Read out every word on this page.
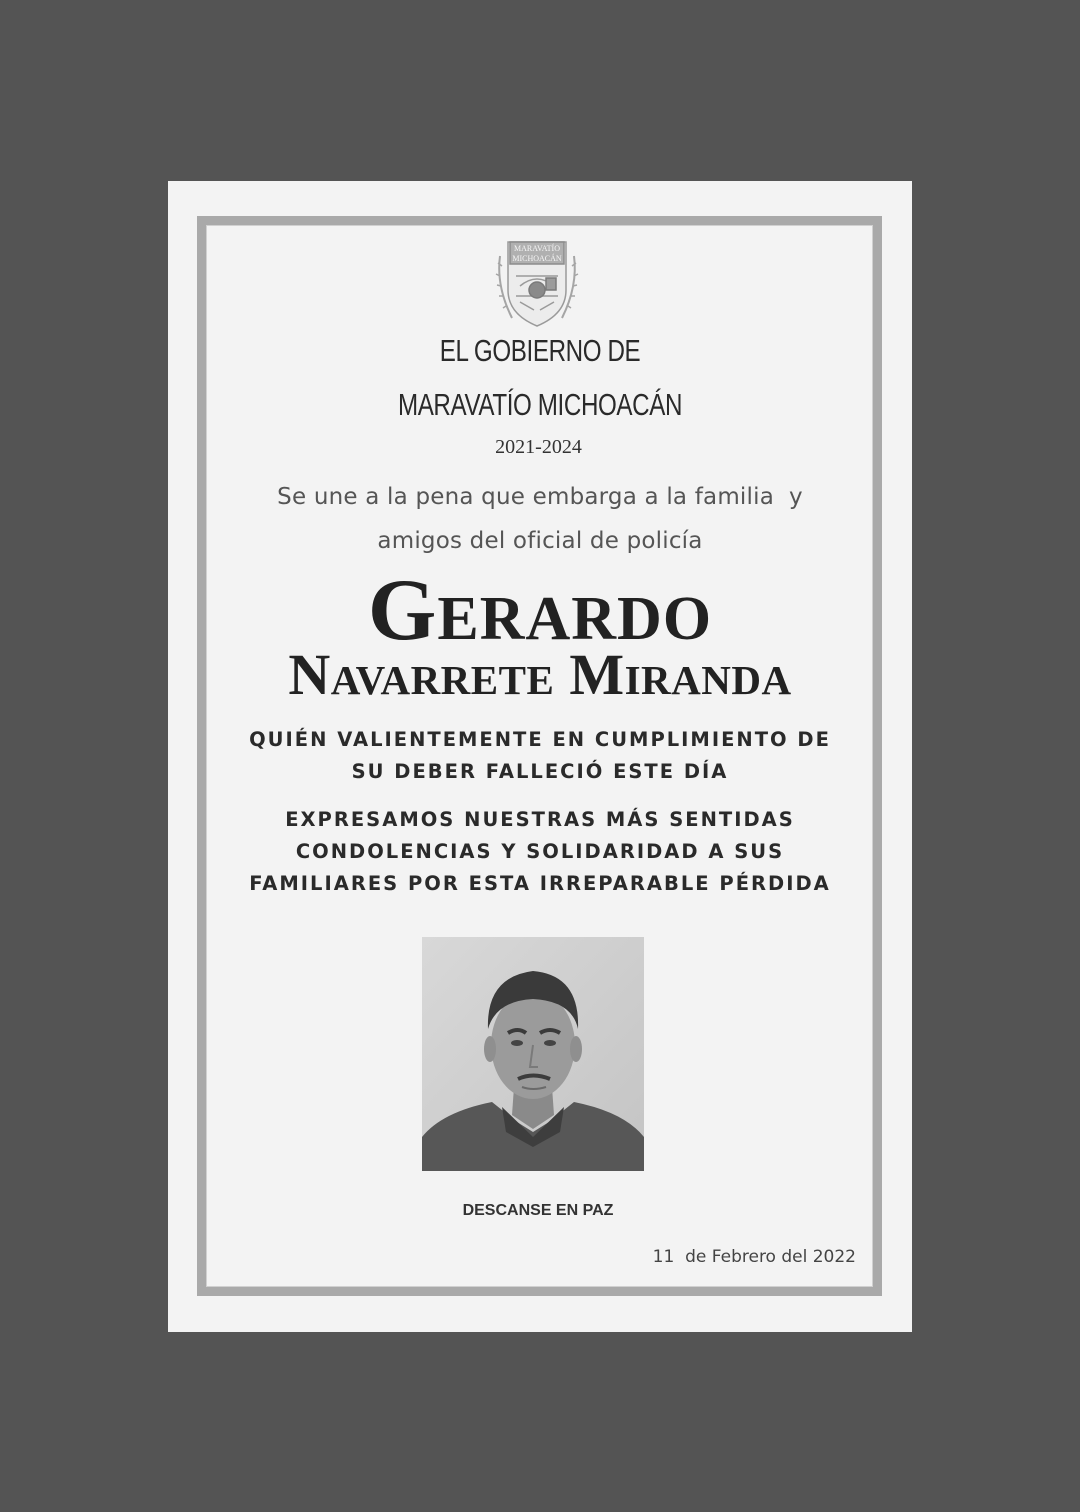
MARAVATÍO
MICHOACÁN
EL GOBIERNO DE
MARAVATÍO MICHOACÁN
2021-2024
Se une a la pena que embarga a la familia  y
amigos del oficial de policía
Gerardo
Navarrete Miranda
QUIÉN VALIENTEMENTE EN CUMPLIMIENTO DE
SU DEBER FALLECIÓ ESTE DÍA
EXPRESAMOS NUESTRAS MÁS SENTIDAS
CONDOLENCIAS Y SOLIDARIDAD A SUS
FAMILIARES POR ESTA IRREPARABLE PÉRDIDA
DESCANSE EN PAZ
11  de Febrero del 2022
